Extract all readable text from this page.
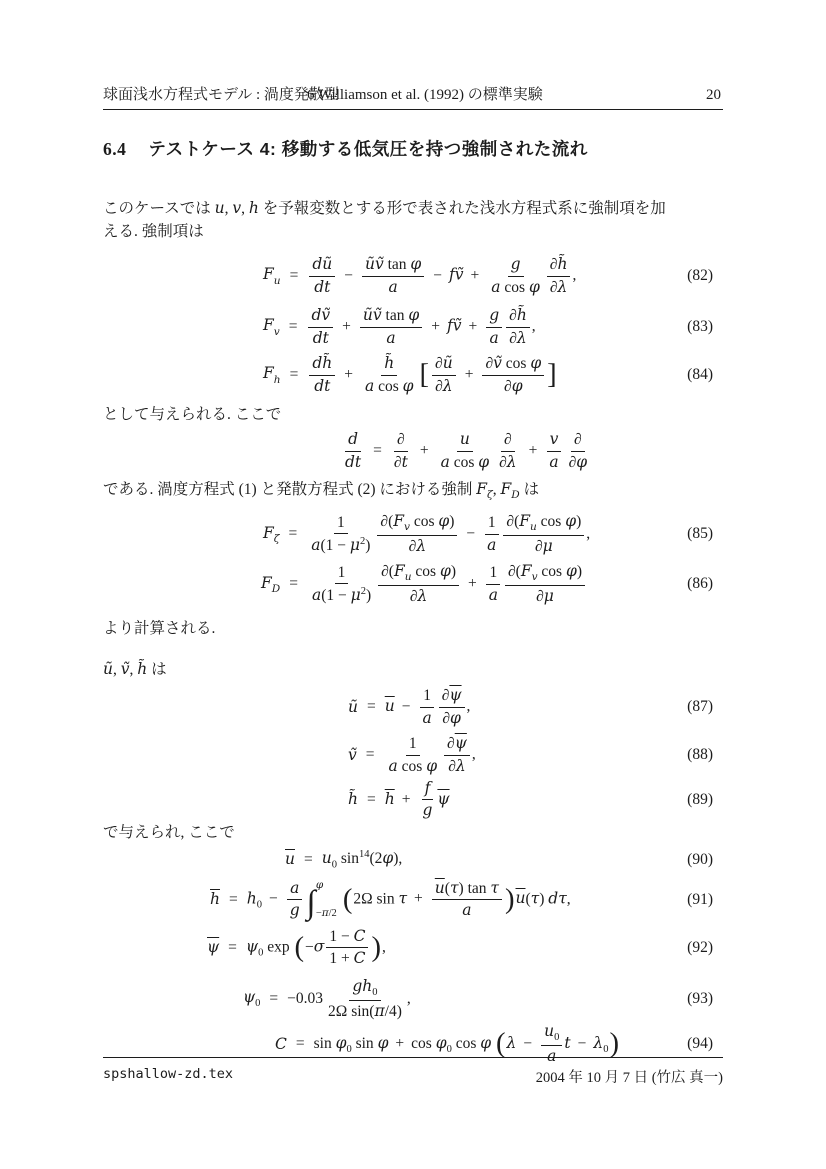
球面浅水方程式モデル : 渦度発散型
6 Williamson et al. (1992) の標準実験	20
6.4 テストケース 4: 移動する低気圧を持つ強制された流れ
このケースでは u, v, h を予報変数とする形で表された浅水方程式系に強制項を加
える. 強制項は
$F_u = \frac{dũ}{dt} - \frac{\text{ũṽ tan φ}}{a}$ − fṽ + $\frac{g}{\text{a cos φ}} \frac{\partial h̃}{\partial\lambda}$ ,	(82)
$F_v = \frac{\text{dṽ}}{dt} + \frac{\text{ũṽ tan φ}}{a}$ + fṽ + $\frac{g}{a} \frac{\partial h̃}{\partial\lambda}$ ,	(83)
$F_h = \frac{dh̃}{dt} + \frac{h̃}{\text{a cos φ}}$ [ $\frac{\partial ũ}{\partial\lambda} + \frac{\text{∂ṽ cos φ}}{\partial\varphi}$ ]	(84)
として与えられる. ここで
$\frac{d}{dt}$ =
∂
∂t
+ $\frac{u}{\text{a cos φ}}$ ∂
∂λ
+ $\frac{v}{a}$ ∂
∂φ
である. 渦度方程式 (1) と発散方程式 (2) における強制 $F_\zeta$, $F_D$ は
$F_\zeta = \frac{1}{a(1 - \mu^2)} \frac{\partial(F_v \cos \varphi)}{\partial\lambda} - \frac{1}{a} \frac{\partial(F_u \cos \varphi)}{\partial\mu}$ ,	(85)
$F_D = \frac{1}{a(1 - \mu^2)} \frac{\partial(F_u \cos \varphi)}{\partial\lambda} + \frac{1}{a} \frac{\partial(F_v \cos \varphi)}{\partial\mu}$	(86)
より計算される.
ũ, ṽ, h̃ は
ũ = $\overline{u} - \frac{1}{a} \frac{\partial\overline{\psi}}{\partial\varphi}$ ,	(87)
ṽ = $\frac{1}{\text{a cos φ}} \frac{\partial\overline{\psi}}{\partial\lambda}$ ,	(88)
h̃ = $\overline{h} + \frac{f}{g} \overline{\psi}$	(89)
で与えられ, ここで
$\overline{u} = u_0$ $\sin^{14}(2\varphi)$,	(90)
$\overline{h} = h_0 - \frac{a}{g}$ ∫ φ
−π/2 (2Ω $\sin \tau + \frac{\overline{u}(\tau) \tan \tau}{a} )\overline{u}(\tau)$ dτ,	(91)
$\overline{\psi} = \psi_0$ $\exp (-\sigma \frac{1 - C}{1 + C}$ ),	(92)
$\psi_0 = -0.03 \frac{gh_0}{\text{2Ω sin(π/4)}}$ ,	(93)
$C = \sin \varphi_0$ $\sin \varphi + \cos \varphi_0$ cos φ ($\lambda - \frac{u_0}{a}$ $t - \lambda_0$)	(94)
spshallow-zd.tex	2004 年 10 月 7 日 (竹広 真一)
